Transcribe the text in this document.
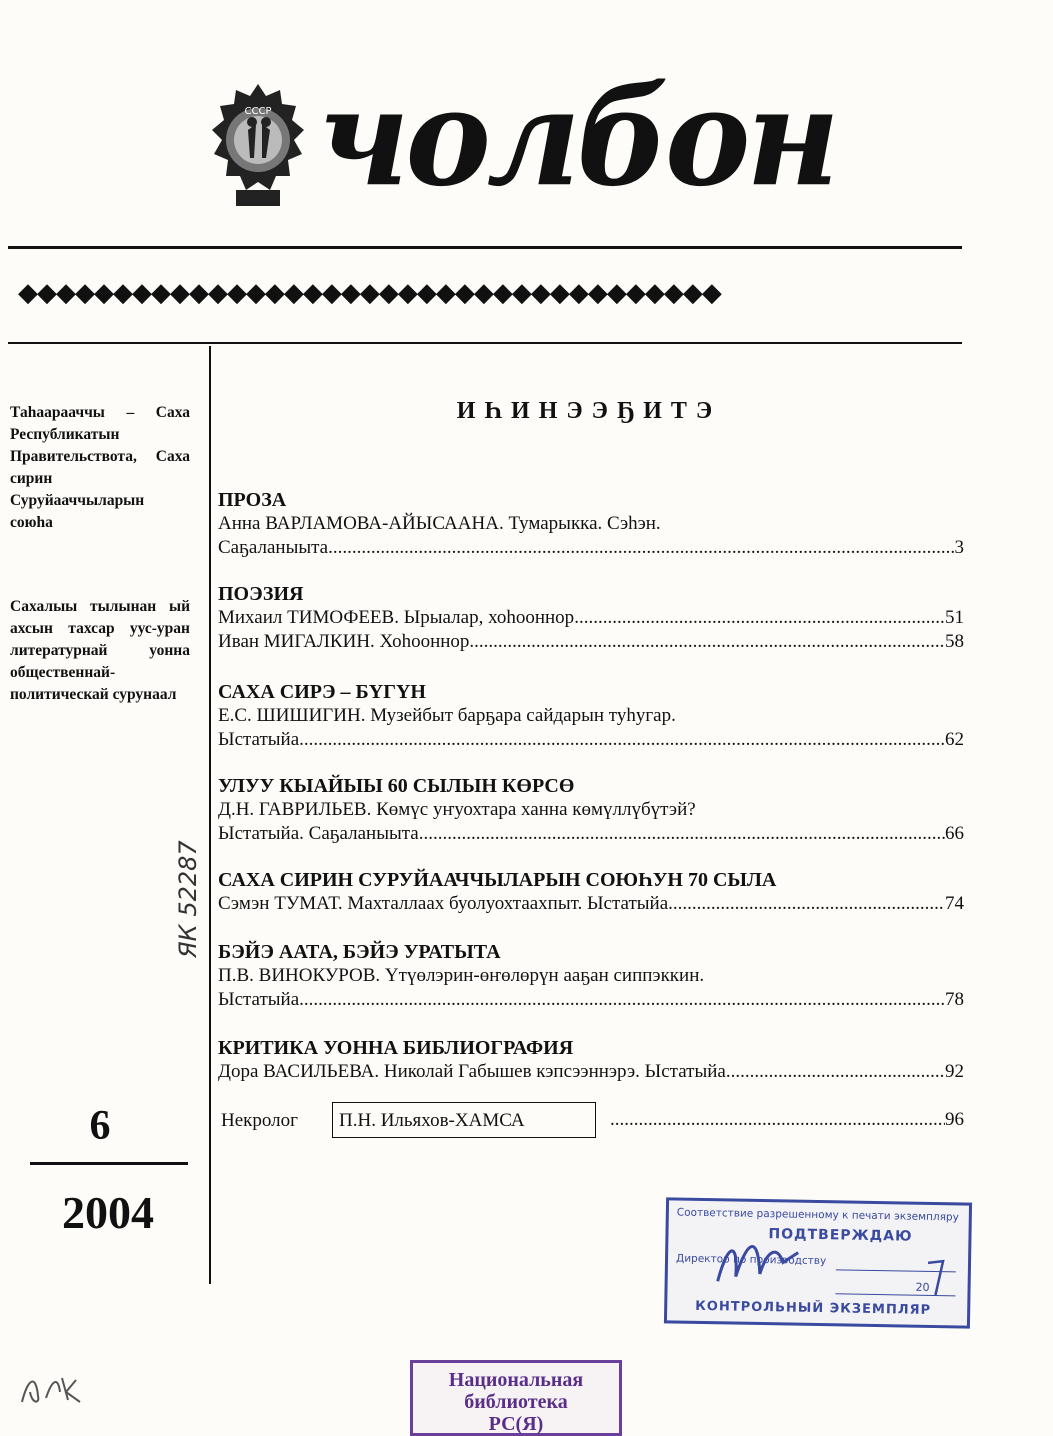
СССР чолбон
◆◆◆◆◆◆◆◆◆◆◆◆◆◆◆◆◆◆◆◆◆◆◆◆◆◆◆◆◆◆◆◆◆◆◆◆◆
Таhаарааччы – Саха Республикатын Правительствота, Саха сирин Суруйааччыларын союhа
Сахалыы тылынан ый ахсын тахсар уус-уран литературнай уонна общественнай-политическай сурунаал
6
2004
ЯК 52287
ИҺИНЭЭҔИТЭ
ПРОЗА
Анна ВАРЛАМОВА-АЙЫСААНА. Тумарыкка. Сэhэн.
Саҕаланыыта .....	3
ПОЭЗИЯ
Михаил ТИМОФЕЕВ. Ырыалар, хоhооннор .....	51
Иван МИГАЛКИН. Хоhооннор .....	58
САХА СИРЭ – БYГYН
Е.С. ШИШИГИН. Музейбыт барҕара сайдарын туhугар.
Ыстатыйа .....	62
УЛУУ КЫАЙЫЫ 60 СЫЛЫН КӨРСӨ
Д.Н. ГАВРИЛЬЕВ. Көмүс уҥуохтара ханна көмүллүбүтэй?
Ыстатыйа. Саҕаланыыта .....	66
САХА СИРИН СУРУЙААЧЧЫЛАРЫН СОЮҺУН 70 СЫЛА
Сэмэн ТУМАТ. Махталлаах буолуохтаахпыт. Ыстатыйа .....	74
БЭЙЭ ААТА, БЭЙЭ УРАТЫТА
П.В. ВИНОКУРОВ. Yтүөлэрин-өҥөлөрүн ааҕан сиппэккин.
Ыстатыйа .....	78
КРИТИКА УОННА БИБЛИОГРАФИЯ
Дора ВАСИЛЬЕВА. Николай Габышев кэпсээннэрэ. Ыстатыйа .....	92
Некролог	П.Н. Ильяхов-ХАМСА .....	96
Соответствие разрешенному к печати экземпляру
ПОДТВЕРЖДАЮ
Директор по производству
20
КОНТРОЛЬНЫЙ ЭКЗЕМПЛЯР
Национальная
библиотека
РС(Я)
